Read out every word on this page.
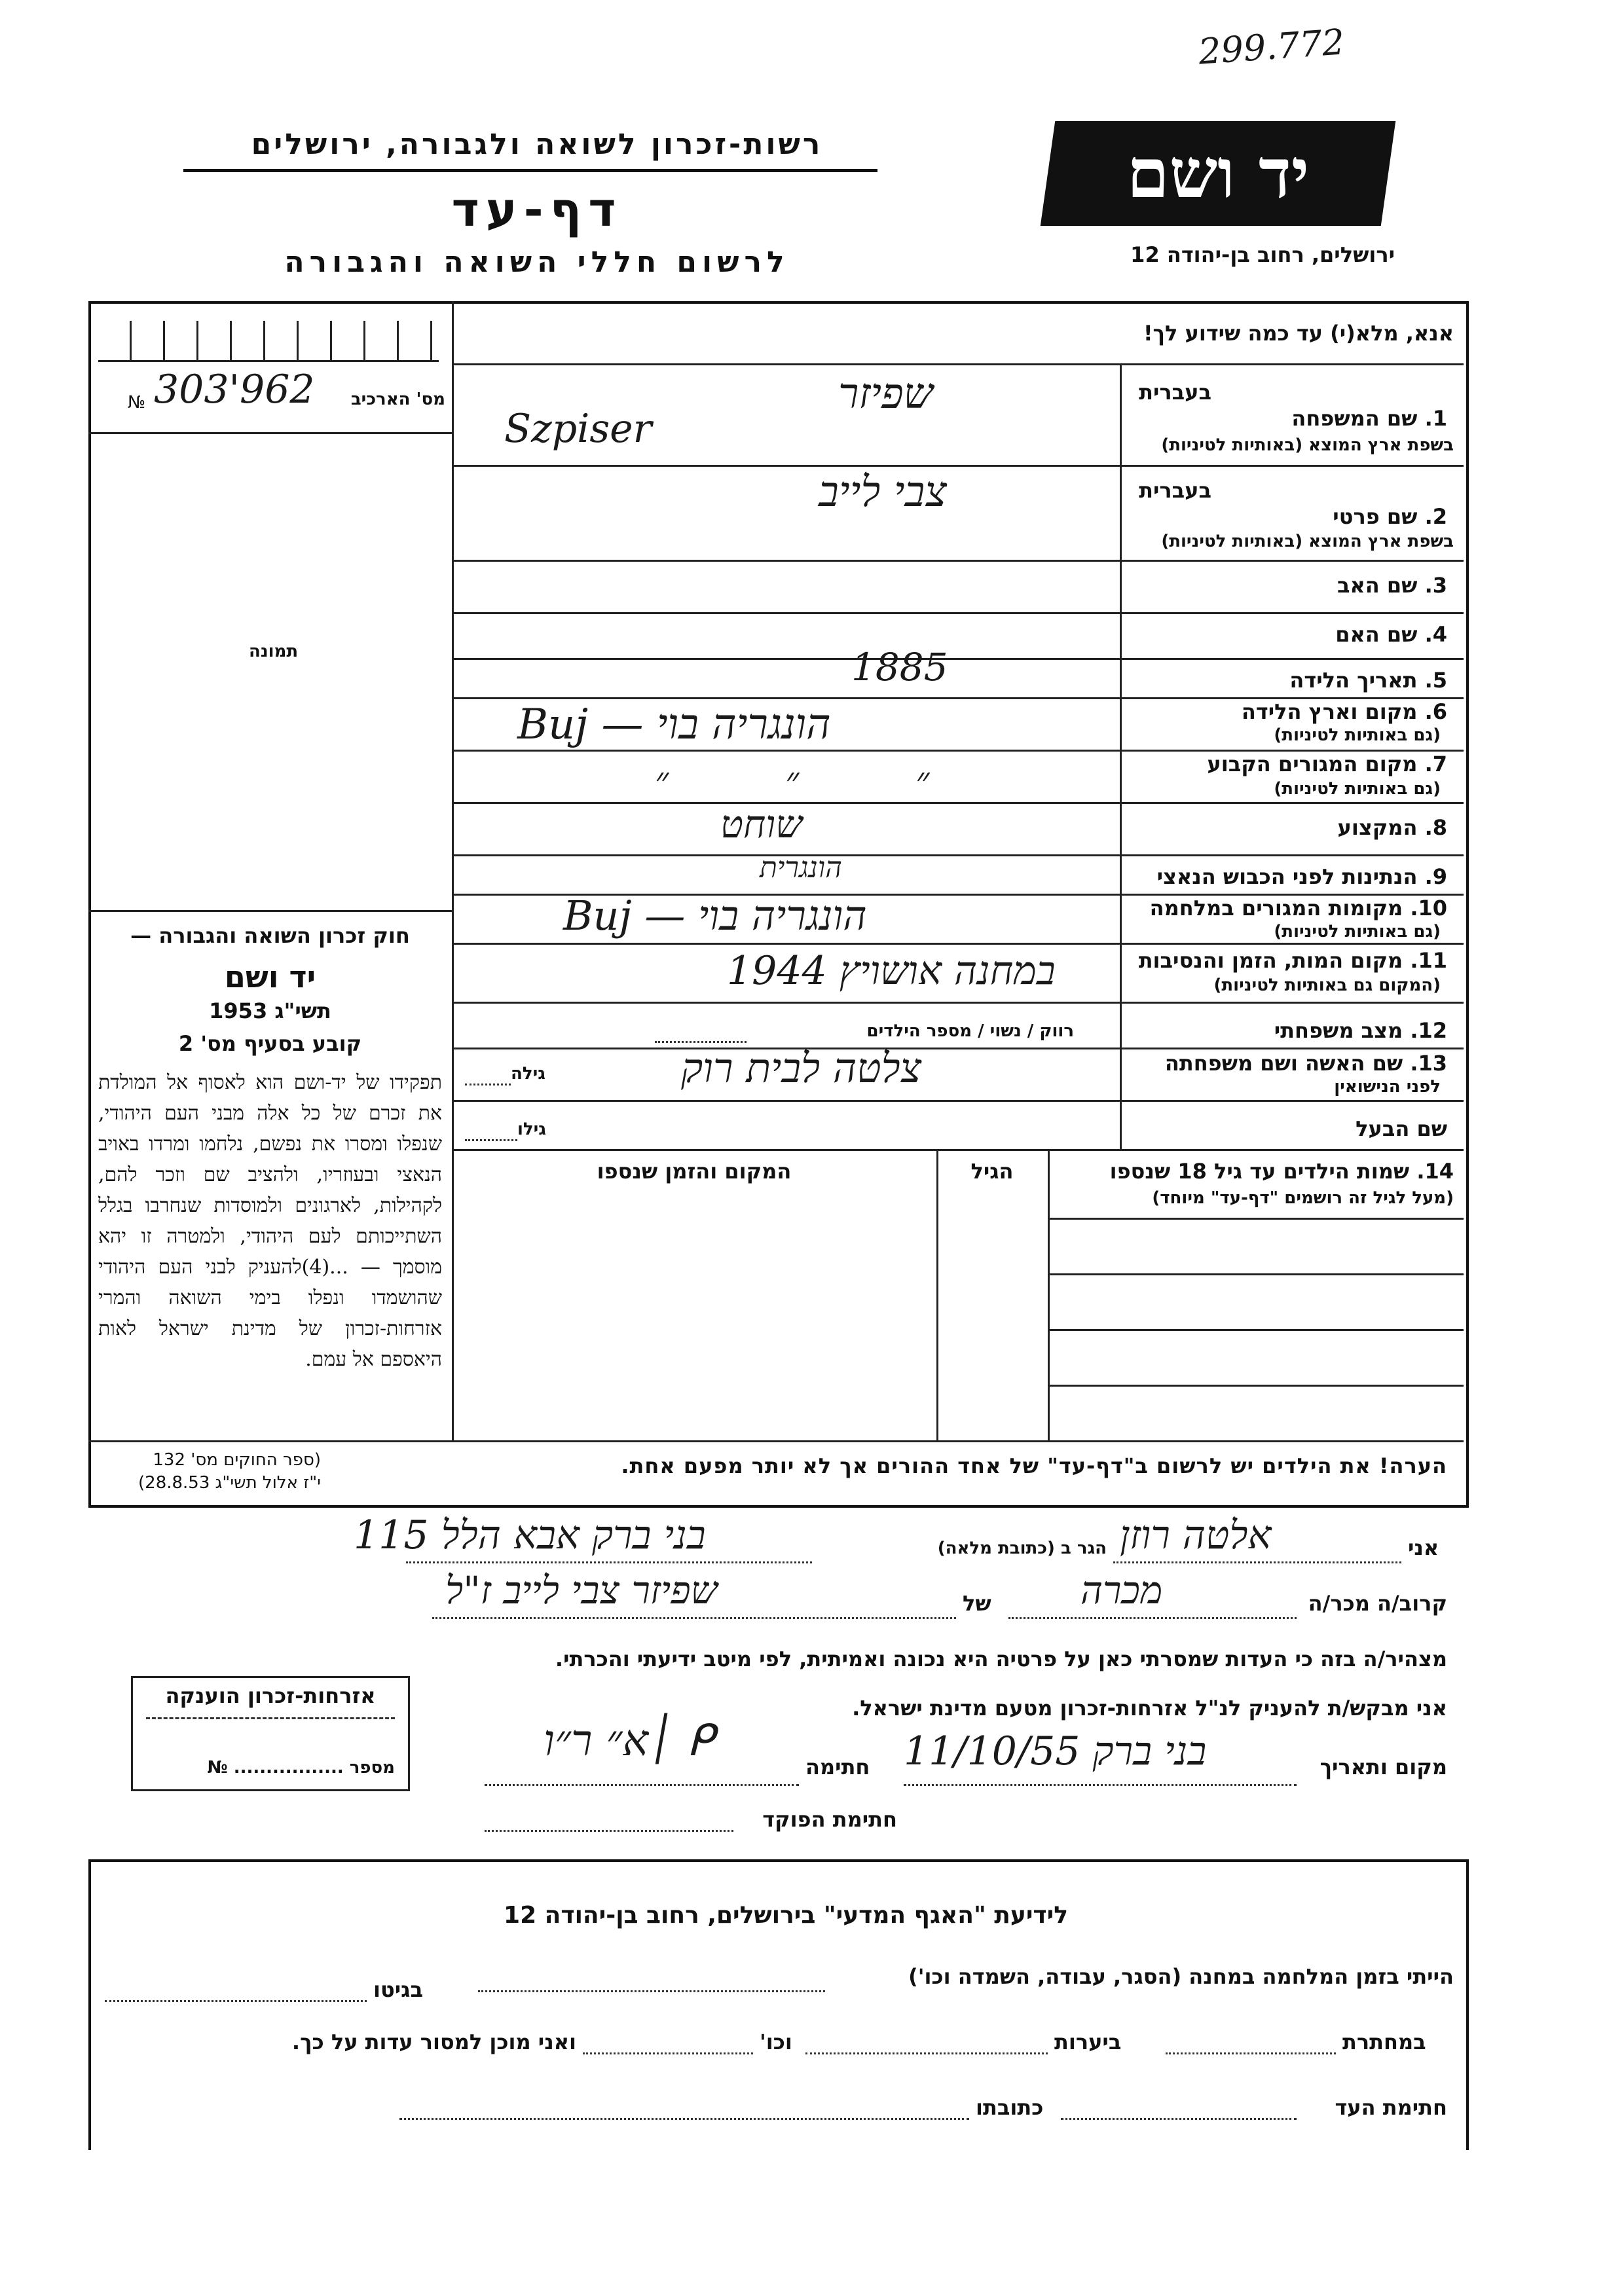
299.772
יד ושם
ירושלים, רחוב בן-יהודה 12
רשות-זכרון לשואה ולגבורה, ירושלים
דף-עד
לרשום חללי השואה והגבורה
אנא, מלא(י) עד כמה שידוע לך!
מס' הארכיב
303'962
№
תמונה
חוק זכרון השואה והגבורה —
יד ושם
תשי"ג 1953
קובע בסעיף מס' 2
תפקידו של יד-ושם הוא לאסוף אל המולדת את זכרם של כל אלה מבני העם היהודי, שנפלו ומסרו את נפשם, נלחמו ומרדו באויב הנאצי ובעוזריו, ולהציב שם וזכר להם, לקהילות, לארגונים ולמוסדות שנחרבו בגלל השתייכותם לעם היהודי, ולמטרה זו יהא מוסמך — ...(4)להעניק לבני העם היהודי שהושמדו ונפלו בימי השואה והמרי אזרחות-זכרון של מדינת ישראל לאות היאספם אל עמם.
(ספר החוקים מס' 132
י"ז אלול תשי"ג 28.8.53)
בעברית
1. שם המשפחה
בשפת ארץ המוצא (באותיות לטיניות)
שפיזר
Szpiser
בעברית
2. שם פרטי
בשפת ארץ המוצא (באותיות לטיניות)
צבי לייב
3. שם האב
4. שם האם
5. תאריך הלידה
1885
6. מקום וארץ הלידה
(גם באותיות לטיניות)
הונגריה בוי — Buj
7. מקום המגורים הקבוע
(גם באותיות לטיניות)
״ ״ ״
8. המקצוע
שוחט
9. הנתינות לפני הכבוש הנאצי
הונגרית
10. מקומות המגורים במלחמה
(גם באותיות לטיניות)
הונגריה בוי — Buj
11. מקום המות, הזמן והנסיבות
(המקום גם באותיות לטיניות)
במחנה אושויץ 1944
12. מצב משפחתי
רווק / נשוי / מספר הילדים
13. שם האשה ושם משפחתה
לפני הנישואין
צלטה לבית רוק
גילה
שם הבעל
גילו
14. שמות הילדים עד גיל 18 שנספו
(מעל לגיל זה רושמים "דף-עד" מיוחד)
הגיל
המקום והזמן שנספו
הערה! את הילדים יש לרשום ב"דף-עד" של אחד ההורים אך לא יותר מפעם אחת.
אני
אלטה רוזן
הגר ב (כתובת מלאה)
בני ברק אבא הלל 115
קרוב/ה מכר/ה
מכרה
של
שפיזר צבי לייב ז"ל
מצהיר/ה בזה כי העדות שמסרתי כאן על פרטיה היא נכונה ואמיתית, לפי מיטב ידיעתי והכרתי.
אזרחות-זכרון הוענקה
מספר ................. №
אני מבקש/ת להעניק לנ"ל אזרחות-זכרון מטעם מדינת ישראל.
מקום ותאריך
בני ברק 11/10/55
חתימה
ᑭ ׀א״ ר״ו
חתימת הפוקד
לידיעת "האגף המדעי" בירושלים, רחוב בן-יהודה 12
הייתי בזמן המלחמה במחנה (הסגר, עבודה, השמדה וכו')
בגיטו
במחתרת
ביערות
וכו'
ואני מוכן למסור עדות על כך.
חתימת העד
כתובתו
